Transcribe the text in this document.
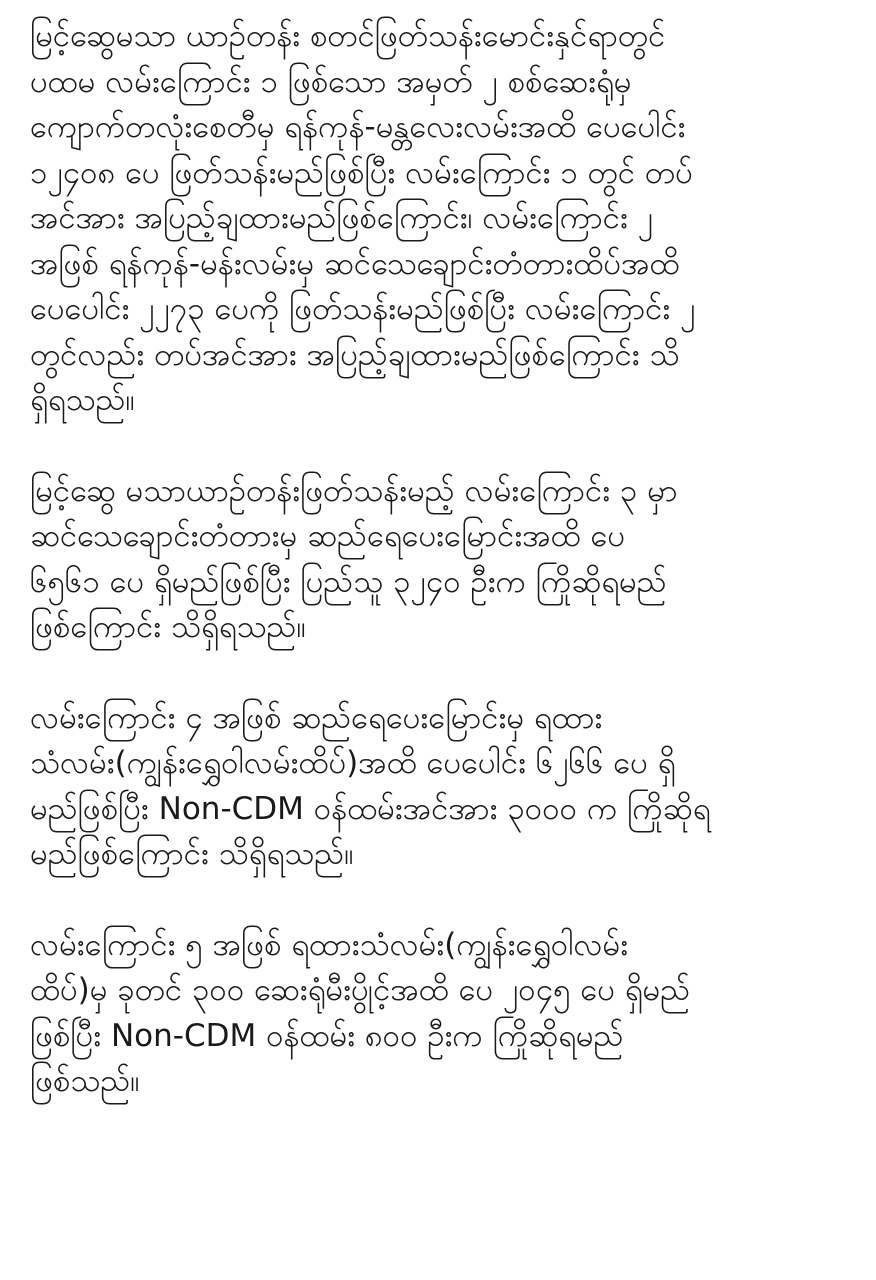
မြင့်ဆွေမသာ ယာဉ်တန်း စတင်ဖြတ်သန်းမောင်းနှင်ရာတွင်
ပထမ လမ်းကြောင်း ၁ ဖြစ်သော အမှတ် ၂ စစ်ဆေးရုံမှ
ကျောက်တလုံးစေတီမှ ရန်ကုန်-မန္တလေးလမ်းအထိ ပေပေါင်း
၁၂၄၀၈ ပေ ဖြတ်သန်းမည်ဖြစ်ပြီး လမ်းကြောင်း ၁ တွင် တပ်
အင်အား အပြည့်ချထားမည်ဖြစ်ကြောင်း၊ လမ်းကြောင်း ၂
အဖြစ် ရန်ကုန်-မန်းလမ်းမှ ဆင်သေချောင်းတံတားထိပ်အထိ
ပေပေါင်း ၂၂၇၃ ပေကို ဖြတ်သန်းမည်ဖြစ်ပြီး လမ်းကြောင်း ၂
တွင်လည်း တပ်အင်အား အပြည့်ချထားမည်ဖြစ်ကြောင်း သိ
ရှိရသည်။
မြင့်ဆွေ မသာယာဉ်တန်းဖြတ်သန်းမည့် လမ်းကြောင်း ၃ မှာ
ဆင်သေချောင်းတံတားမှ ဆည်ရေပေးမြောင်းအထိ ပေ
၆၅၆၁ ပေ ရှိမည်ဖြစ်ပြီး ပြည်သူ ၃၂၄၀ ဦးက ကြိုဆိုရမည်
ဖြစ်ကြောင်း သိရှိရသည်။
လမ်းကြောင်း ၄ အဖြစ် ဆည်ရေပေးမြောင်းမှ ရထား
သံလမ်း(ကျွန်းရွှေဝါလမ်းထိပ်)အထိ ပေပေါင်း ၆၂၆၆ ပေ ရှိ
မည်ဖြစ်ပြီး Non-CDM ဝန်ထမ်းအင်အား ၃၀၀၀ က ကြိုဆိုရ
မည်ဖြစ်ကြောင်း သိရှိရသည်။
လမ်းကြောင်း ၅ အဖြစ် ရထားသံလမ်း(ကျွန်းရွှေဝါလမ်း
ထိပ်)မှ ခုတင် ၃၀၀ ဆေးရုံမီးပွိုင့်အထိ ပေ ၂၀၄၅ ပေ ရှိမည်
ဖြစ်ပြီး Non-CDM ဝန်ထမ်း ၈၀၀ ဦးက ကြိုဆိုရမည်
ဖြစ်သည်။
